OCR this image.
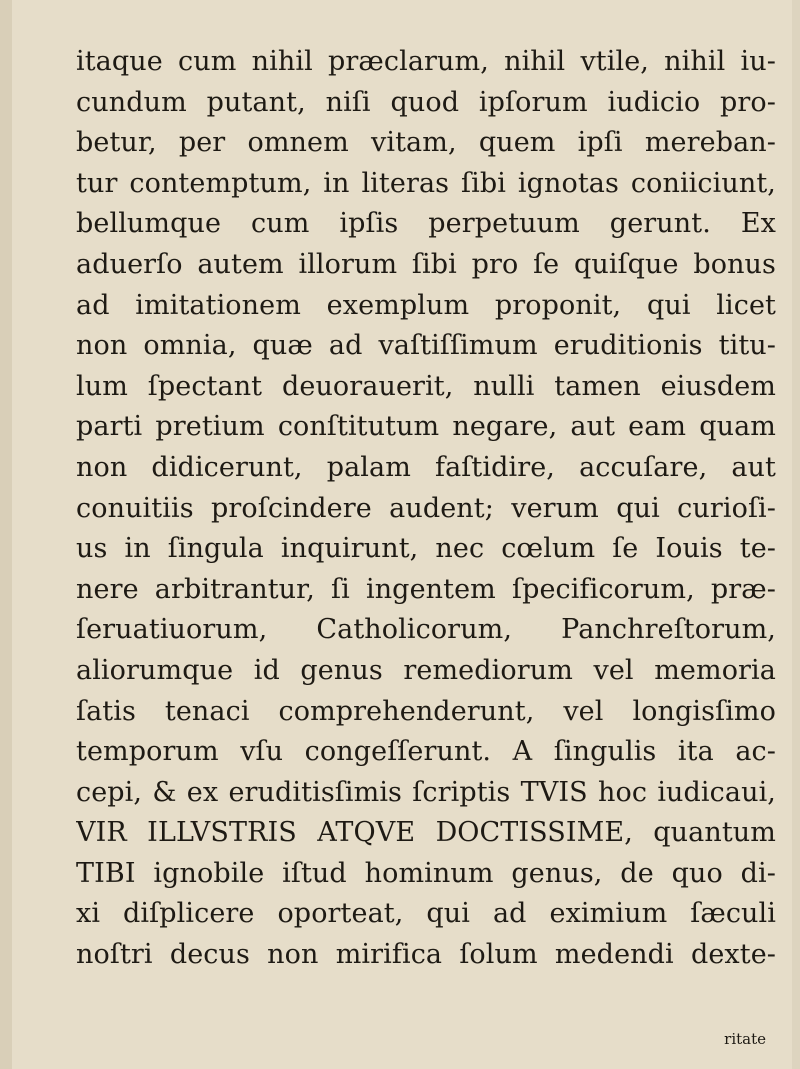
itaque cum nihil præclarum, nihil vtile, nihil iu-
cundum putant, niſi quod ipſorum iudicio pro-
betur, per omnem vitam, quem ipſi mereban-
tur contemptum, in literas ſibi ignotas coniiciunt,
bellumque cum ipſis perpetuum gerunt. Ex
aduerſo autem illorum ſibi pro ſe quiſque bonus
ad imitationem exemplum proponit, qui licet
non omnia, quæ ad vaſtiſſimum eruditionis titu-
lum ſpectant deuorauerit, nulli tamen eiusdem
parti pretium conſtitutum negare, aut eam quam
non didicerunt, palam faſtidire, accuſare, aut
conuitiis proſcindere audent; verum qui curioſi-
us in ſingula inquirunt, nec cœlum ſe Iouis te-
nere arbitrantur, ſi ingentem ſpecificorum, præ-
ſeruatiuorum, Catholicorum, Panchreſtorum,
aliorumque id genus remediorum vel memoria
ſatis tenaci comprehenderunt, vel longisſimo
temporum vſu congeſſerunt. A ſingulis ita ac-
cepi, & ex eruditisſimis ſcriptis TVIS hoc iudicaui,
VIR ILLVSTRIS ATQVE DOCTISSIME, quantum
TIBI ignobile iſtud hominum genus, de quo di-
xi diſplicere oporteat, qui ad eximium ſæculi
noſtri decus non mirifica ſolum medendi dexte-
ritate
